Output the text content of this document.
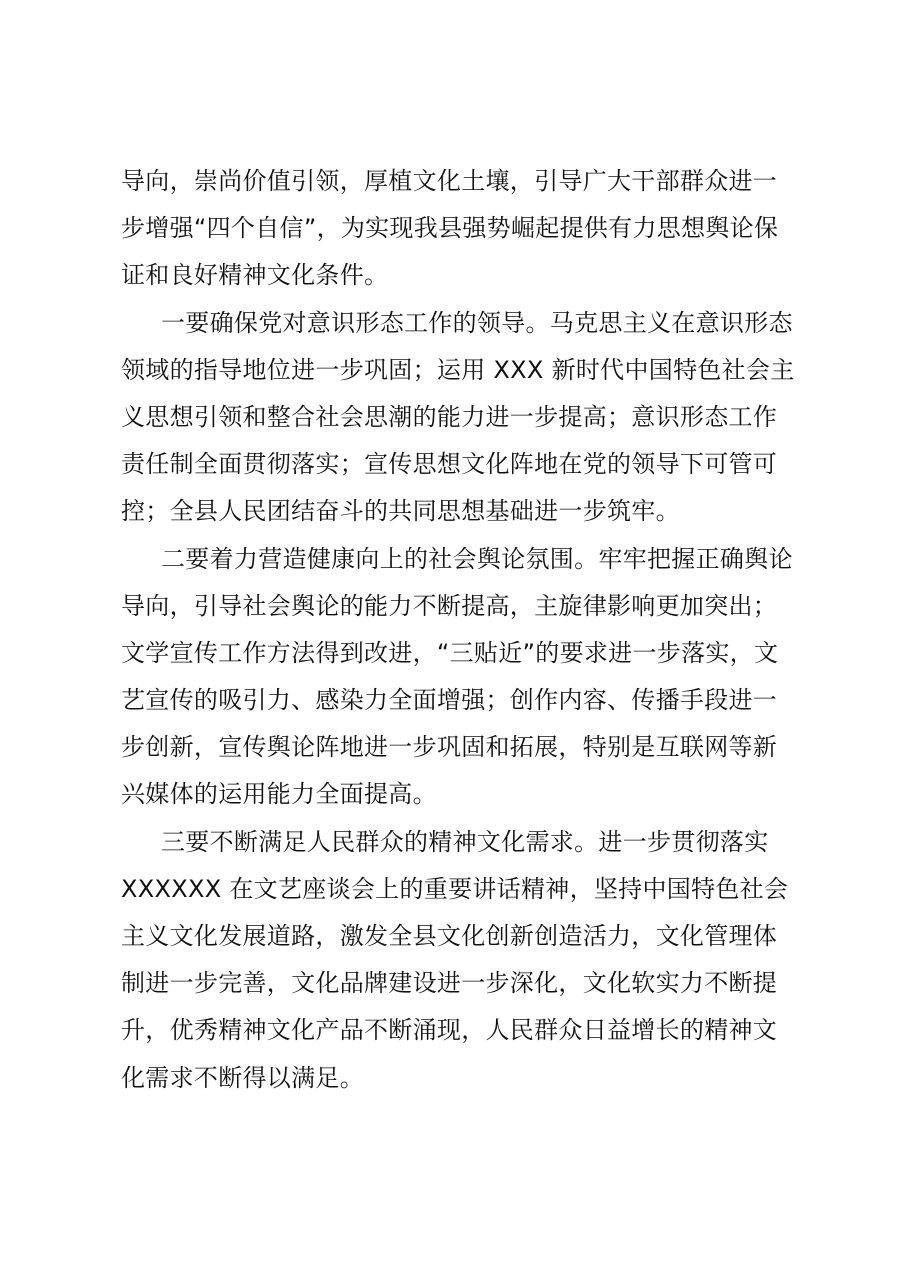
导向，崇尚价值引领，厚植文化土壤，引导广大干部群众进一
步增强“四个自信”，为实现我县强势崛起提供有力思想舆论保
证和良好精神文化条件。
一要确保党对意识形态工作的领导。马克思主义在意识形态
领域的指导地位进一步巩固；运用 XXX 新时代中国特色社会主
义思想引领和整合社会思潮的能力进一步提高；意识形态工作
责任制全面贯彻落实；宣传思想文化阵地在党的领导下可管可
控；全县人民团结奋斗的共同思想基础进一步筑牢。
二要着力营造健康向上的社会舆论氛围。牢牢把握正确舆论
导向，引导社会舆论的能力不断提高，主旋律影响更加突出；
文学宣传工作方法得到改进，“三贴近”的要求进一步落实，文
艺宣传的吸引力、感染力全面增强；创作内容、传播手段进一
步创新，宣传舆论阵地进一步巩固和拓展，特别是互联网等新
兴媒体的运用能力全面提高。
三要不断满足人民群众的精神文化需求。进一步贯彻落实
XXXXXX 在文艺座谈会上的重要讲话精神，坚持中国特色社会
主义文化发展道路，激发全县文化创新创造活力，文化管理体
制进一步完善，文化品牌建设进一步深化，文化软实力不断提
升，优秀精神文化产品不断涌现，人民群众日益增长的精神文
化需求不断得以满足。
